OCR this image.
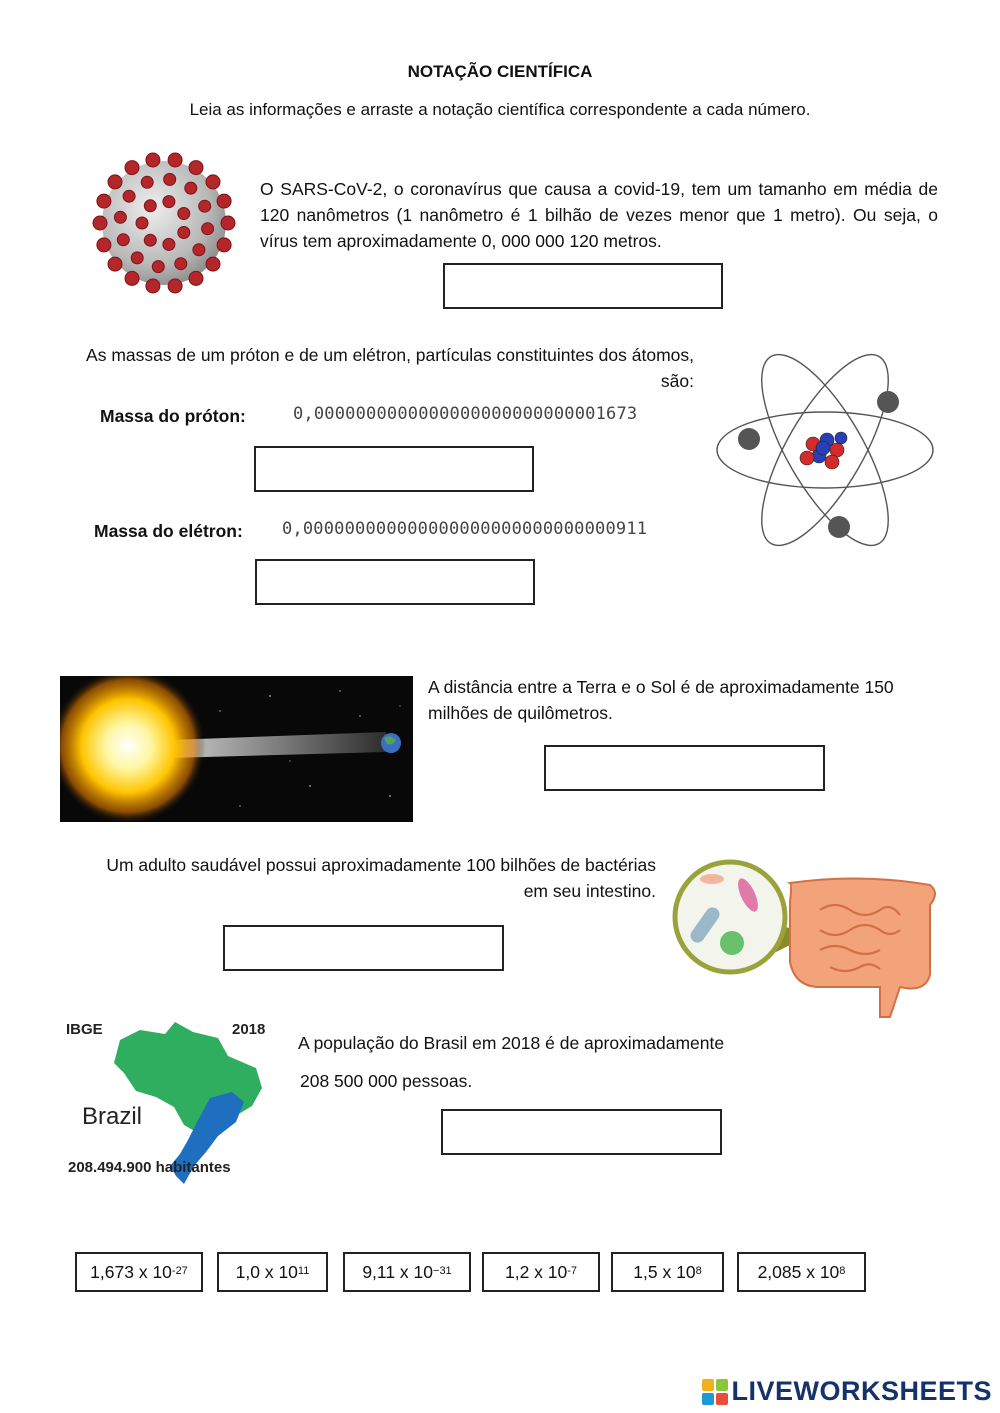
NOTAÇÃO CIENTÍFICA
Leia as informações e arraste a notação científica correspondente a cada número.
O SARS-CoV-2, o coronavírus que causa a covid-19, tem um tamanho em média de 120 nanômetros (1 nanômetro é 1 bilhão de vezes menor que 1 metro). Ou seja, o vírus tem aproximadamente 0, 000 000 120 metros.
As massas de um próton e de um elétron, partículas constituintes dos átomos, são:
Massa do próton:	0,0000000000000000000000000001673
Massa do elétron: 0,000000000000000000000000000000911
A distância entre a Terra e o Sol é de aproximadamente 150 milhões de quilômetros.
Um adulto saudável possui aproximadamente 100 bilhões de bactérias em seu intestino.
IBGE	2018
Brazil
208.494.900 habitantes
A população do Brasil em 2018 é de aproximadamente
208 500 000 pessoas.
1,673 x $10^{-27}$	1,0 x $10^{11}$	9,11 x $10^{-31}$	1,2 x $10^{-7}$	1,5 x $10^8$	2,085 x $10^8$
LIVEWORKSHEETS
